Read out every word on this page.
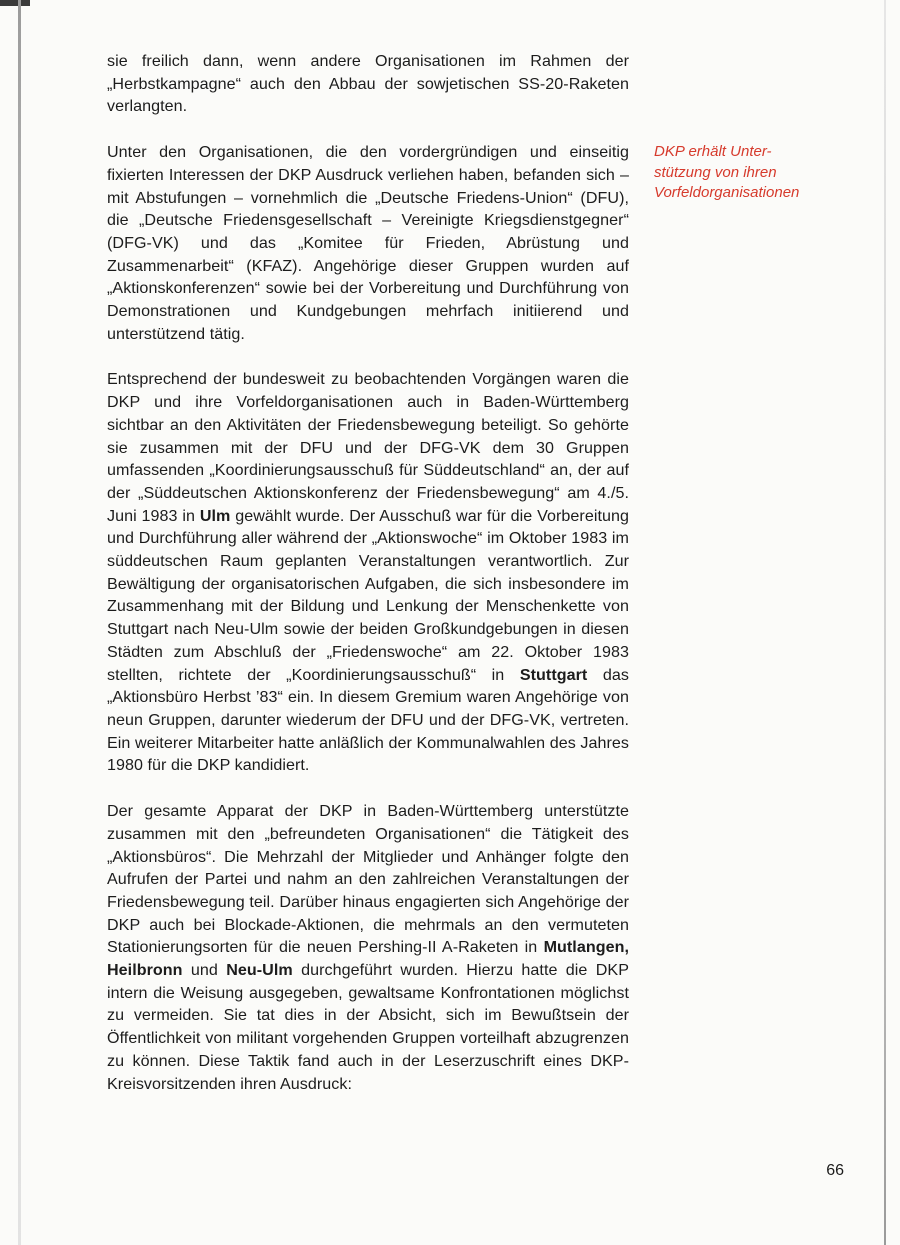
sie freilich dann, wenn andere Organisationen im Rahmen der „Herbstkampagne“ auch den Abbau der sowjetischen SS-20-Raketen verlangten.

Unter den Organisationen, die den vordergründigen und einseitig fixierten Interessen der DKP Ausdruck verliehen haben, befanden sich – mit Abstufungen – vornehmlich die „Deutsche Friedens-Union“ (DFU), die „Deutsche Friedensgesellschaft – Vereinigte Kriegsdienstgegner“ (DFG-VK) und das „Komitee für Frieden, Abrüstung und Zusammenarbeit“ (KFAZ). Angehörige dieser Gruppen wurden auf „Aktionskonferenzen“ sowie bei der Vorbereitung und Durchführung von Demonstrationen und Kundgebungen mehrfach initiierend und unterstützend tätig.

Entsprechend der bundesweit zu beobachtenden Vorgängen waren die DKP und ihre Vorfeldorganisationen auch in Baden-Württemberg sichtbar an den Aktivitäten der Friedensbewegung beteiligt. So gehörte sie zusammen mit der DFU und der DFG-VK dem 30 Gruppen umfassenden „Koordinierungsausschuß für Süddeutschland“ an, der auf der „Süddeutschen Aktionskonferenz der Friedensbewegung“ am 4./5. Juni 1983 in Ulm gewählt wurde. Der Ausschuß war für die Vorbereitung und Durchführung aller während der „Aktionswoche“ im Oktober 1983 im süddeutschen Raum geplanten Veranstaltungen verantwortlich. Zur Bewältigung der organisatorischen Aufgaben, die sich insbesondere im Zusammenhang mit der Bildung und Lenkung der Menschenkette von Stuttgart nach Neu-Ulm sowie der beiden Großkundgebungen in diesen Städten zum Abschluß der „Friedenswoche“ am 22. Oktober 1983 stellten, richtete der „Koordinierungsausschuß“ in Stuttgart das „Aktionsbüro Herbst ’83“ ein. In diesem Gremium waren Angehörige von neun Gruppen, darunter wiederum der DFU und der DFG-VK, vertreten. Ein weiterer Mitarbeiter hatte anläßlich der Kommunalwahlen des Jahres 1980 für die DKP kandidiert.

Der gesamte Apparat der DKP in Baden-Württemberg unterstützte zusammen mit den „befreundeten Organisationen“ die Tätigkeit des „Aktionsbüros“. Die Mehrzahl der Mitglieder und Anhänger folgte den Aufrufen der Partei und nahm an den zahlreichen Veranstaltungen der Friedensbewegung teil. Darüber hinaus engagierten sich Angehörige der DKP auch bei Blockade-Aktionen, die mehrmals an den vermuteten Stationierungsorten für die neuen Pershing-II A-Raketen in Mutlangen, Heilbronn und Neu-Ulm durchgeführt wurden. Hierzu hatte die DKP intern die Weisung ausgegeben, gewaltsame Konfrontationen möglichst zu vermeiden. Sie tat dies in der Absicht, sich im Bewußtsein der Öffentlichkeit von militant vorgehenden Gruppen vorteilhaft abzugrenzen zu können. Diese Taktik fand auch in der Leserzuschrift eines DKP-Kreisvorsitzenden ihren Ausdruck:

DKP erhält Unter-
stützung von ihren
Vorfeldorganisationen
66
